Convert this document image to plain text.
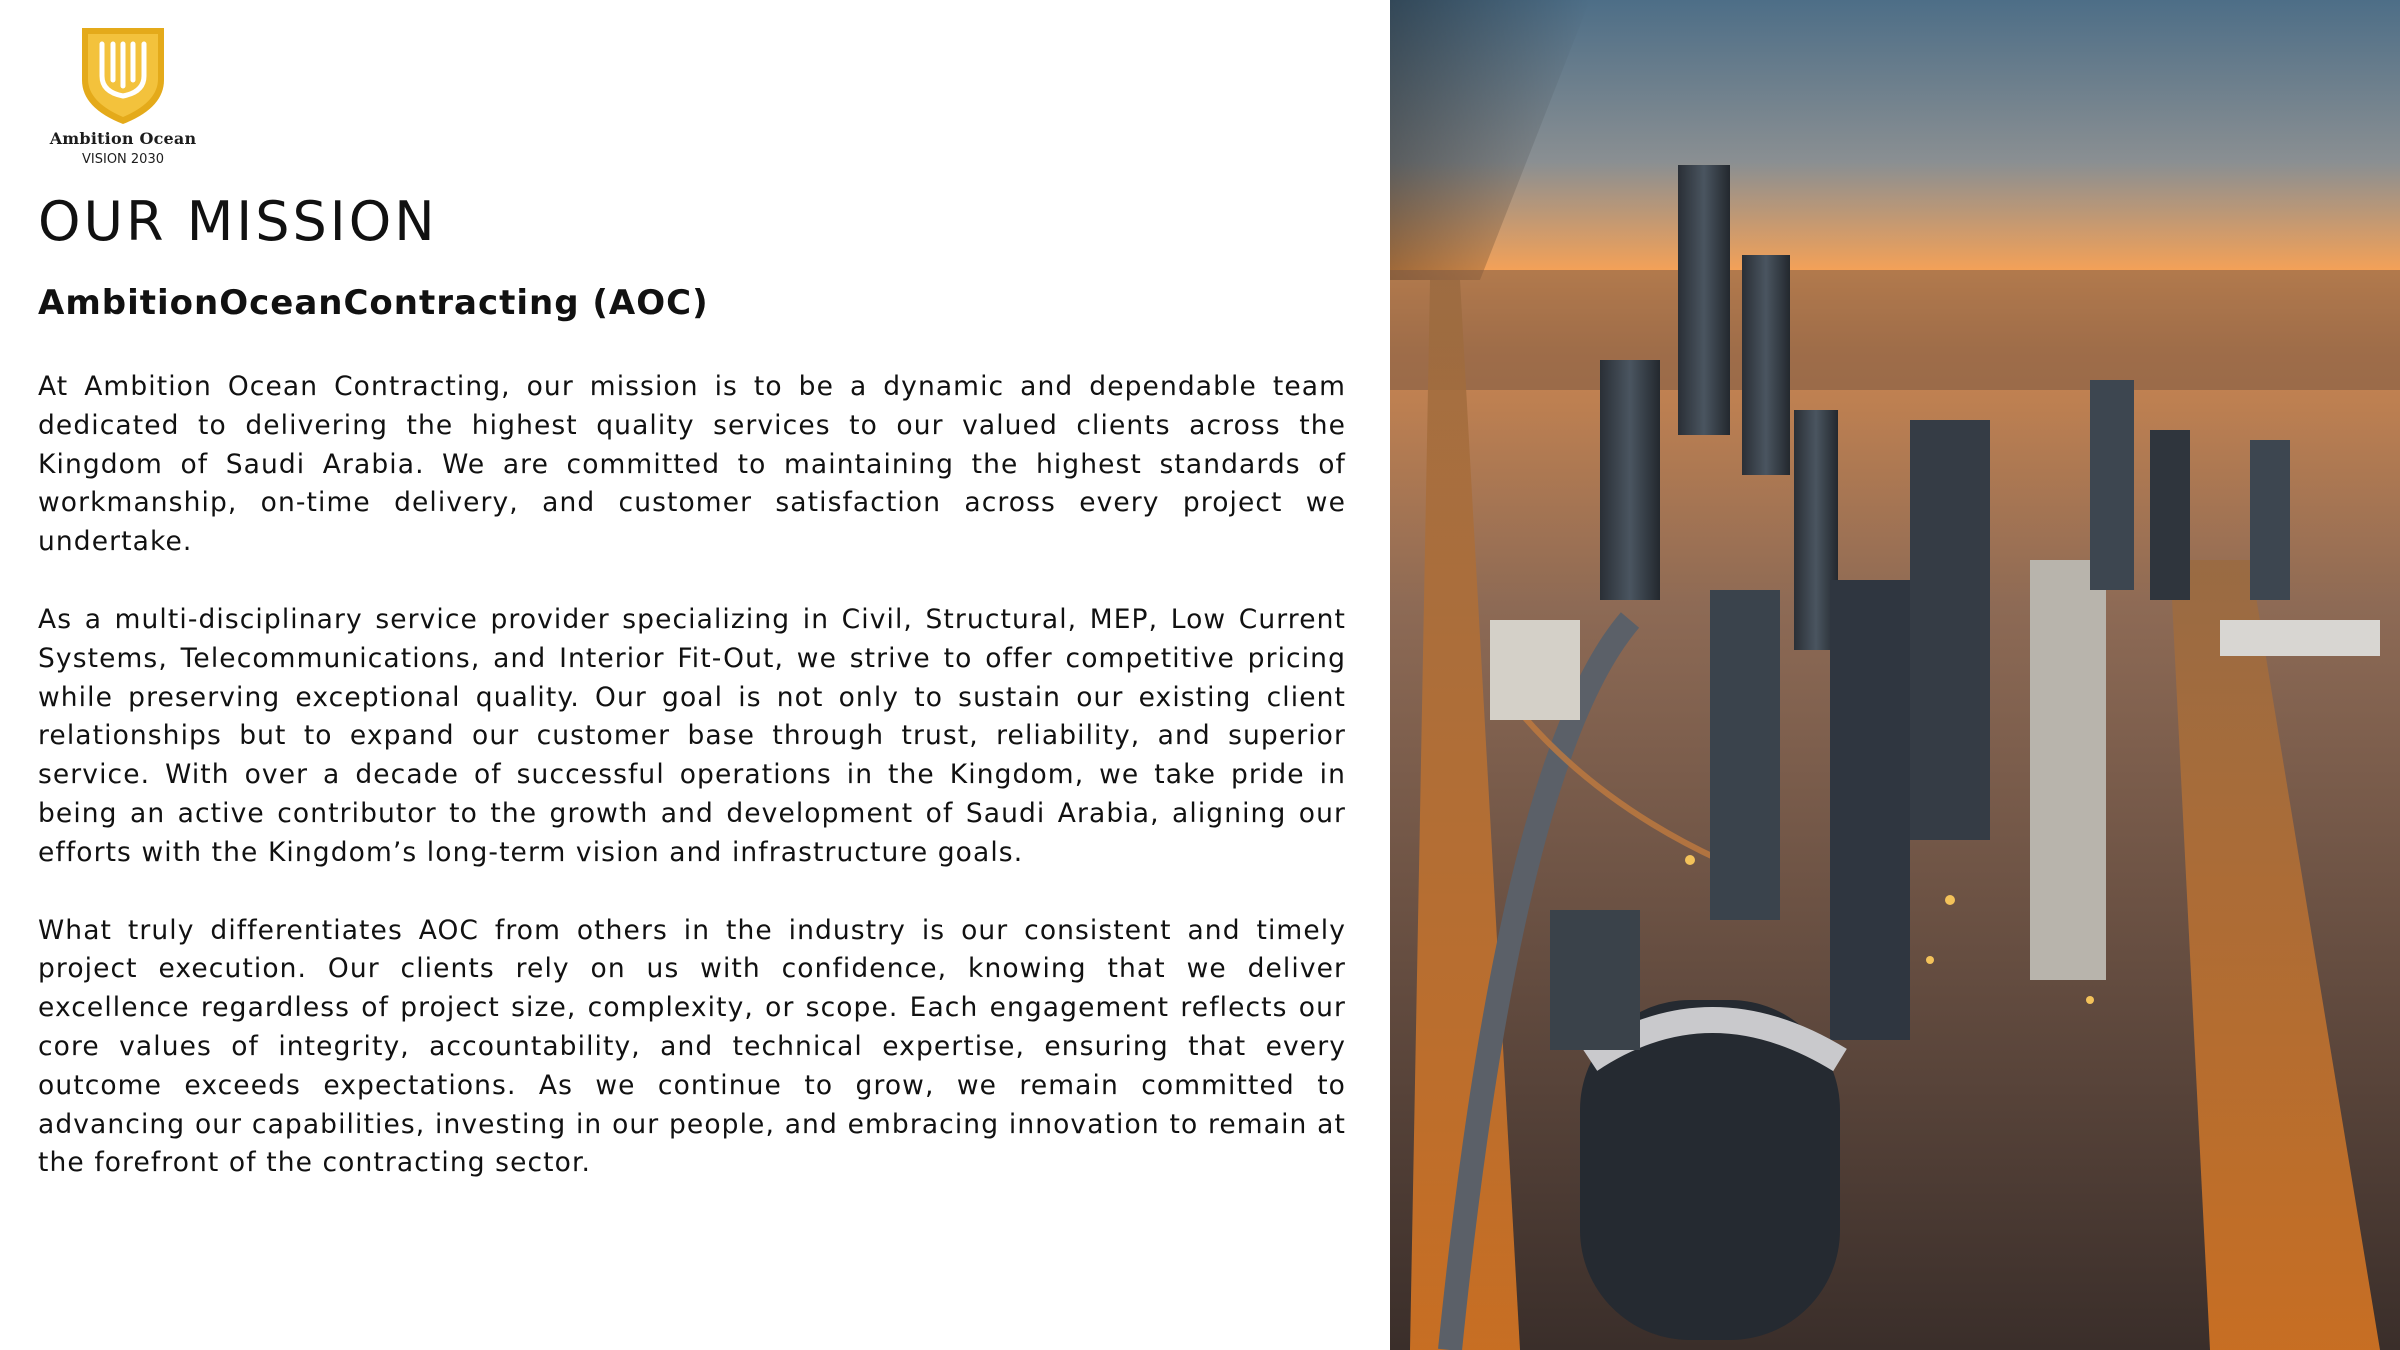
Ambition Ocean
VISION 2030
OUR MISSION
AmbitionOceanContracting (AOC)

At Ambition Ocean Contracting, our mission is to be a dynamic and dependable team dedicated to delivering the highest quality services to our valued clients across the Kingdom of Saudi Arabia. We are committed to maintaining the highest standards of workmanship, on-time delivery, and customer satisfaction across every project we undertake.

As a multi-disciplinary service provider specializing in Civil, Structural, MEP, Low Current Systems, Telecommunications, and Interior Fit-Out, we strive to offer competitive pricing while preserving exceptional quality. Our goal is not only to sustain our existing client relationships but to expand our customer base through trust, reliability, and superior service. With over a decade of successful operations in the Kingdom, we take pride in being an active contributor to the growth and development of Saudi Arabia, aligning our efforts with the Kingdom’s long-term vision and infrastructure goals.

What truly differentiates AOC from others in the industry is our consistent and timely project execution. Our clients rely on us with confidence, knowing that we deliver excellence regardless of project size, complexity, or scope. Each engagement reflects our core values of integrity, accountability, and technical expertise, ensuring that every outcome exceeds expectations. As we continue to grow, we remain committed to advancing our capabilities, investing in our people, and embracing innovation to remain at the forefront of the contracting sector.
